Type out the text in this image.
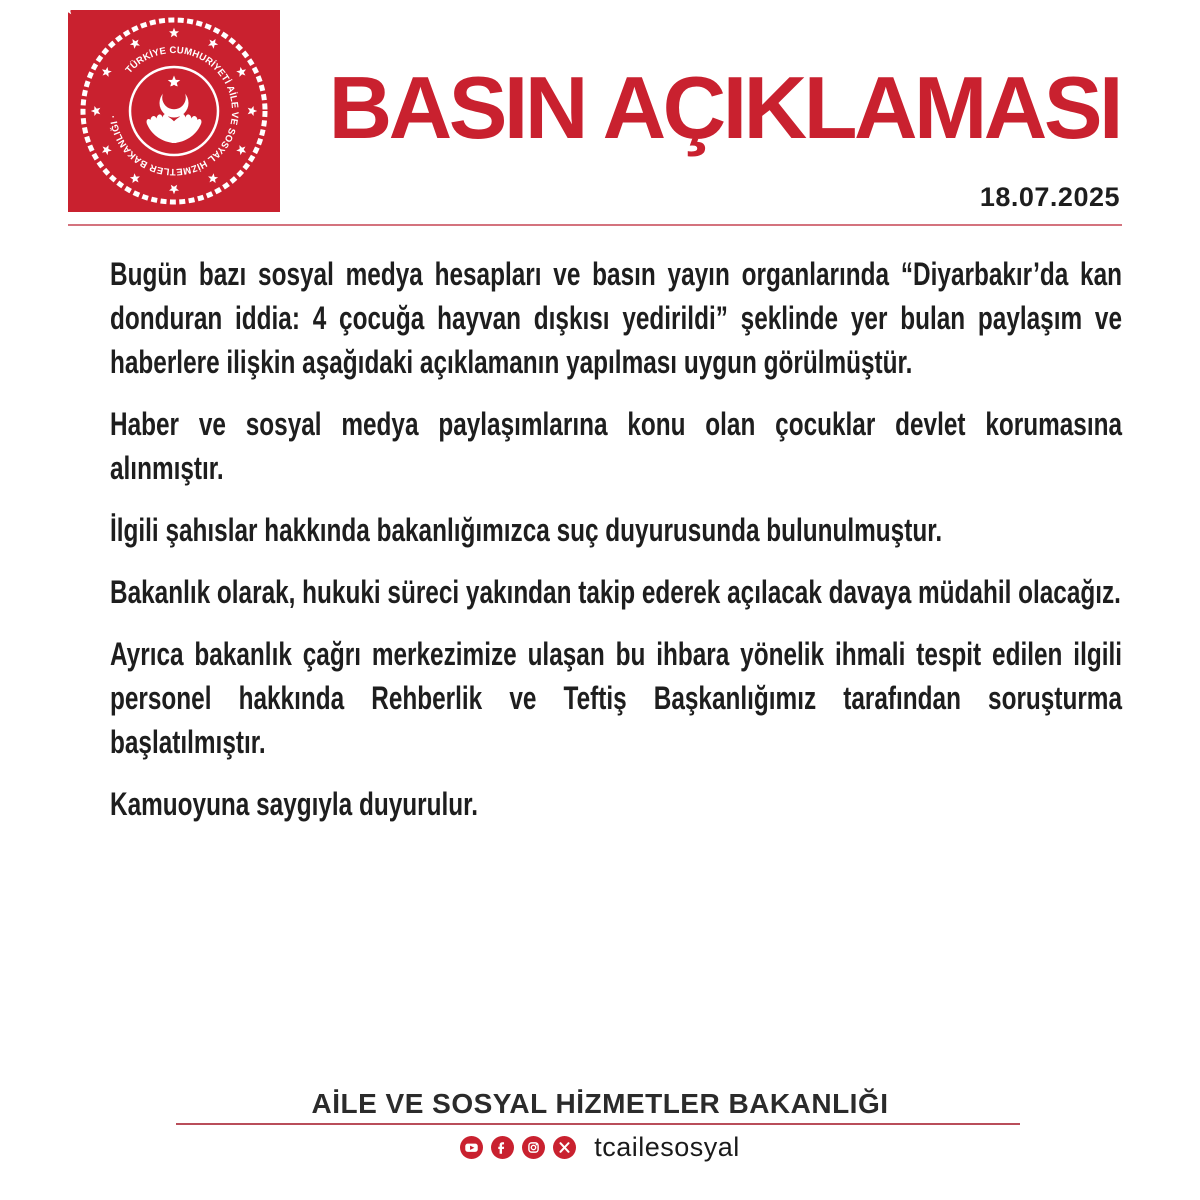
TÜRKİYE CUMHURİYETİ AİLE VE SOSYAL HİZMETLER BAKANLIĞI ·	BASIN AÇIKLAMASI
18.07.2025

Bugün bazı sosyal medya hesapları ve basın yayın organlarında “Diyarbakır’da kan donduran iddia: 4 çocuğa hayvan dışkısı yedirildi” şeklinde yer bulan paylaşım ve haberlere ilişkin aşağıdaki açıklamanın yapılması uygun görülmüştür.

Haber ve sosyal medya paylaşımlarına konu olan çocuklar devlet korumasına alınmıştır.

İlgili şahıslar hakkında bakanlığımızca suç duyurusunda bulunulmuştur.

Bakanlık olarak, hukuki süreci yakından takip ederek açılacak davaya müdahil olacağız.

Ayrıca bakanlık çağrı merkezimize ulaşan bu ihbara yönelik ihmali tespit edilen ilgili personel hakkında Rehberlik ve Teftiş Başkanlığımız tarafından soruşturma başlatılmıştır.

Kamuoyuna saygıyla duyurulur.

AİLE VE SOSYAL HİZMETLER BAKANLIĞI
tcailesosyal
